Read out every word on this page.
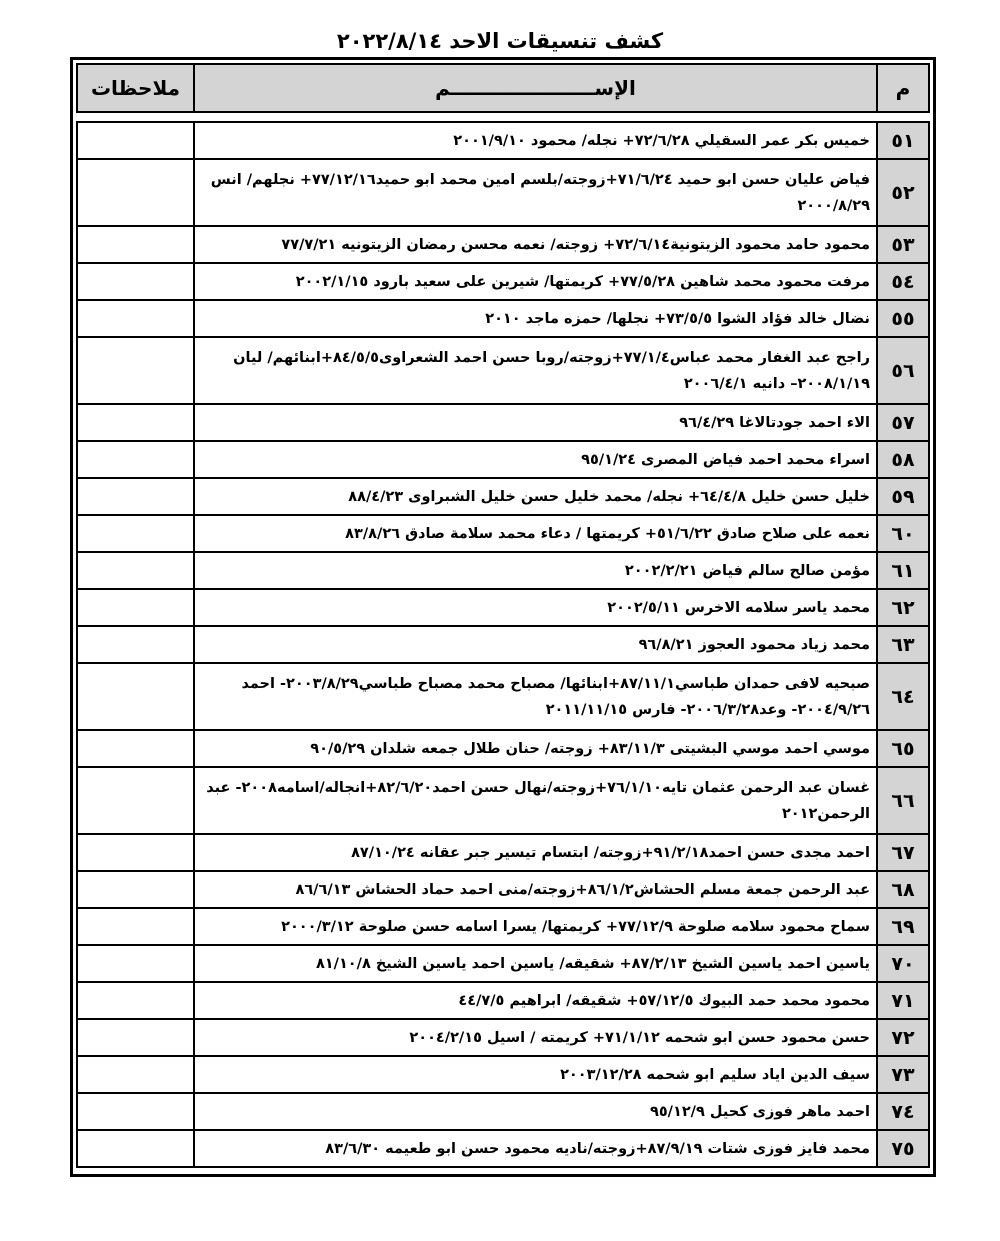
كشف تنسيقات الاحد ٢٠٢٢/٨/١٤
م	الإســـــــــــــــــــــم	ملاحظات

٥١	خميس بكر عمر السقيلي ٧٢/٦/٢٨+ نجله/ محمود ٢٠٠١/٩/١٠	
٥٢	فياض عليان حسن ابو حميد ٧١/٦/٢٤+زوجته/بلسم امين محمد ابو حميد٧٧/١٢/١٦+ نجلهم/ انس ٢٠٠٠/٨/٢٩	
٥٣	محمود حامد محمود الزيتونية٧٢/٦/١٤+ زوجته/ نعمه محسن رمضان الزيتونيه ٧٧/٧/٢١	
٥٤	مرفت محمود محمد شاهين ٧٧/٥/٢٨+ كريمتها/ شيرين على سعيد بارود ٢٠٠٢/١/١٥	
٥٥	نضال خالد فؤاد الشوا ٧٣/٥/٥+ نجلها/ حمزه ماجد ٢٠١٠	
٥٦	راجح عبد الغفار محمد عباس٧٧/١/٤+زوجته/روبا حسن احمد الشعراوى٨٤/٥/٥+ابنائهم/ ليان ٢٠٠٨/١/١٩– دانيه ٢٠٠٦/٤/١	
٥٧	الاء احمد جودتالاغا ٩٦/٤/٢٩	
٥٨	اسراء محمد احمد فياض المصرى ٩٥/١/٢٤	
٥٩	خليل حسن خليل ٦٤/٤/٨+ نجله/ محمد خليل حسن خليل الشبراوى ٨٨/٤/٢٣	
٦٠	نعمه على صلاح صادق ٥١/٦/٢٢+ كريمتها / دعاء محمد سلامة صادق ٨٣/٨/٢٦	
٦١	مؤمن صالح سالم فياض ٢٠٠٢/٢/٢١	
٦٢	محمد ياسر سلامه الاخرس ٢٠٠٢/٥/١١	
٦٣	محمد زياد محمود العجوز ٩٦/٨/٢١	
٦٤	صبحيه لافى حمدان طباسي٨٧/١١/١+ابنائها/ مصباح محمد مصباح طباسي٢٠٠٣/٨/٢٩- احمد ٢٠٠٤/٩/٢٦- وعد٢٠٠٦/٣/٢٨- فارس ٢٠١١/١١/١٥	
٦٥	موسي احمد موسي البشيتى ٨٣/١١/٣+ زوجته/ حنان طلال جمعه شلدان ٩٠/٥/٢٩	
٦٦	غسان عبد الرحمن عثمان تايه٧٦/١/١٠+زوجته/نهال حسن احمد٨٢/٦/٢٠+انجاله/اسامه٢٠٠٨- عبد الرحمن٢٠١٢	
٦٧	احمد مجدى حسن احمد٩١/٢/١٨+زوجته/ ابتسام تيسير جبر عقانه ٨٧/١٠/٢٤	
٦٨	عبد الرحمن جمعة مسلم الحشاش٨٦/١/٢+زوجته/منى احمد حماد الحشاش ٨٦/٦/١٣	
٦٩	سماح محمود سلامه صلوحة ٧٧/١٢/٩+ كريمتها/ يسرا اسامه حسن صلوحة ٢٠٠٠/٣/١٢	
٧٠	ياسين احمد ياسين الشيخ ٨٧/٢/١٣+ شقيقه/ ياسين احمد ياسين الشيخ ٨١/١٠/٨	
٧١	محمود محمد حمد البيوك ٥٧/١٢/٥+ شقيقه/ ابراهيم ٤٤/٧/٥	
٧٢	حسن محمود حسن ابو شحمه ٧١/١/١٢+ كريمته / اسيل ٢٠٠٤/٢/١٥	
٧٣	سيف الدين اياد سليم ابو شحمه ٢٠٠٣/١٢/٢٨	
٧٤	احمد ماهر فوزى كحيل ٩٥/١٢/٩	
٧٥	محمد فايز فوزى شتات ٨٧/٩/١٩+زوجته/ناديه محمود حسن ابو طعيمه ٨٣/٦/٣٠	
